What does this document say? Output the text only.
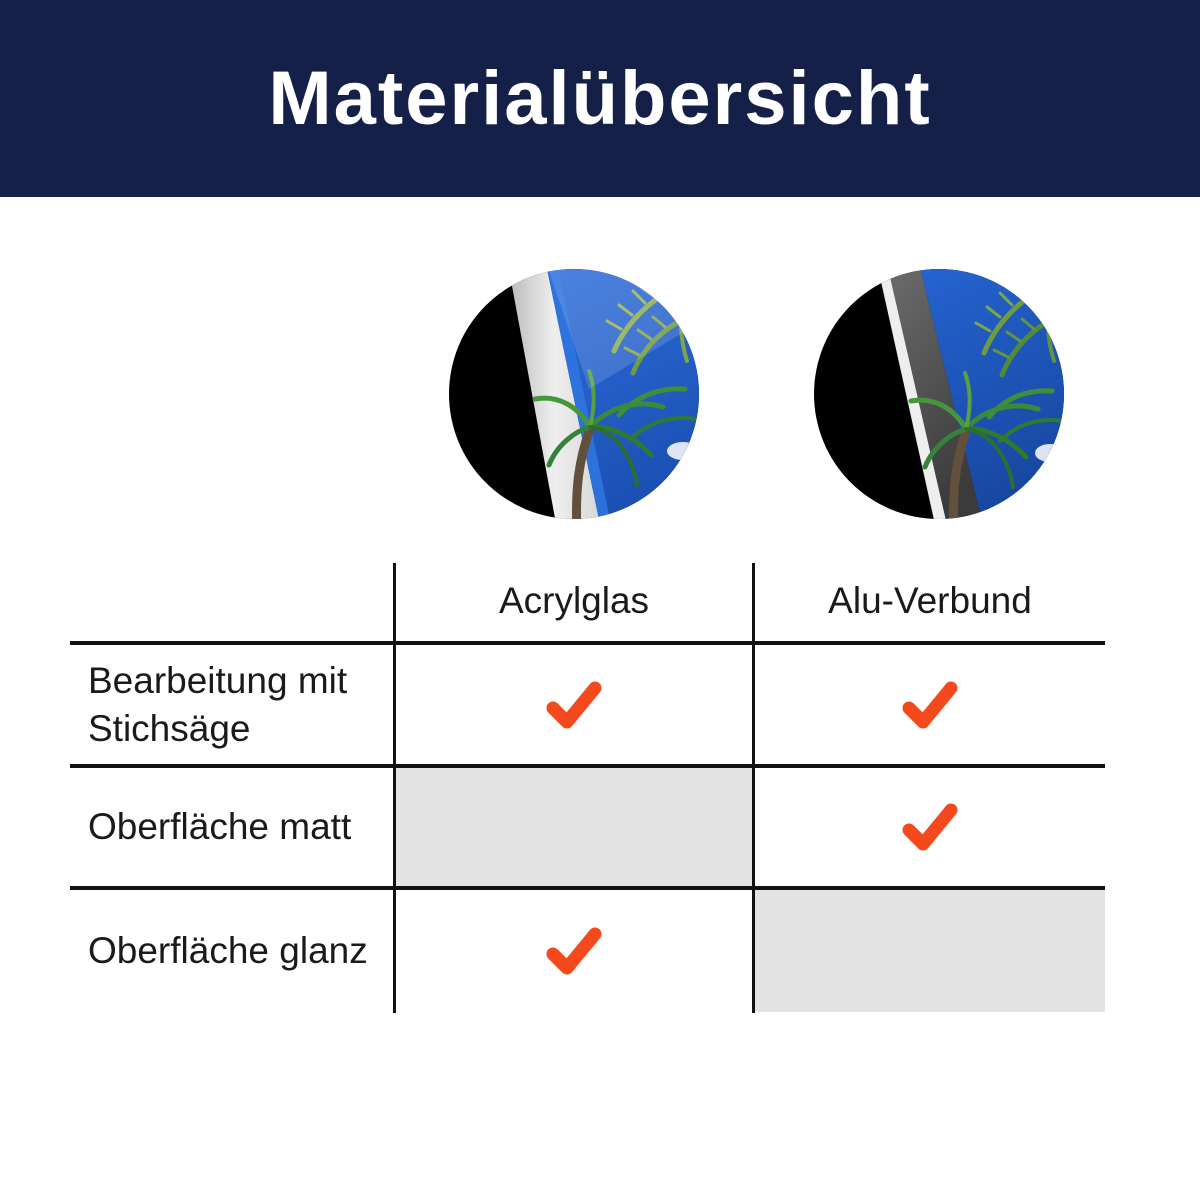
Materialübersicht
Acrylglas	Alu-Verbund
Bearbeitung mit Stichsäge
Oberfläche matt
Oberfläche glanz
